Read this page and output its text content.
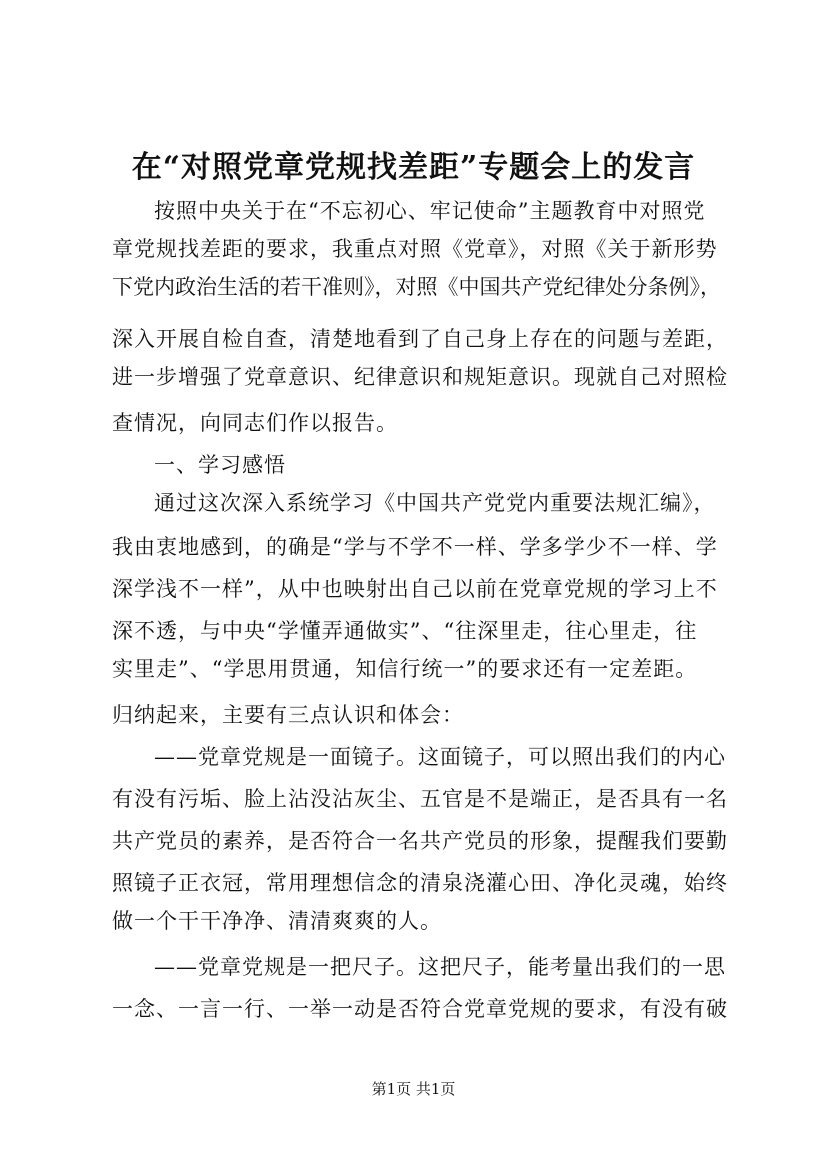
在“对照党章党规找差距”专题会上的发言
按照中央关于在“不忘初心、牢记使命”主题教育中对照党
章党规找差距的要求，我重点对照《党章》，对照《关于新形势
下党内政治生活的若干准则》，对照《中国共产党纪律处分条例》，
深入开展自检自查，清楚地看到了自己身上存在的问题与差距，
进一步增强了党章意识、纪律意识和规矩意识。现就自己对照检
查情况，向同志们作以报告。
一、学习感悟
通过这次深入系统学习《中国共产党党内重要法规汇编》，
我由衷地感到，的确是“学与不学不一样、学多学少不一样、学
深学浅不一样”，从中也映射出自己以前在党章党规的学习上不
深不透，与中央“学懂弄通做实”、“往深里走，往心里走，往
实里走”、“学思用贯通，知信行统一”的要求还有一定差距。
归纳起来，主要有三点认识和体会：
——党章党规是一面镜子。这面镜子，可以照出我们的内心
有没有污垢、脸上沾没沾灰尘、五官是不是端正，是否具有一名
共产党员的素养，是否符合一名共产党员的形象，提醒我们要勤
照镜子正衣冠，常用理想信念的清泉浇灌心田、净化灵魂，始终
做一个干干净净、清清爽爽的人。
——党章党规是一把尺子。这把尺子，能考量出我们的一思
一念、一言一行、一举一动是否符合党章党规的要求，有没有破
第1页 共1页
